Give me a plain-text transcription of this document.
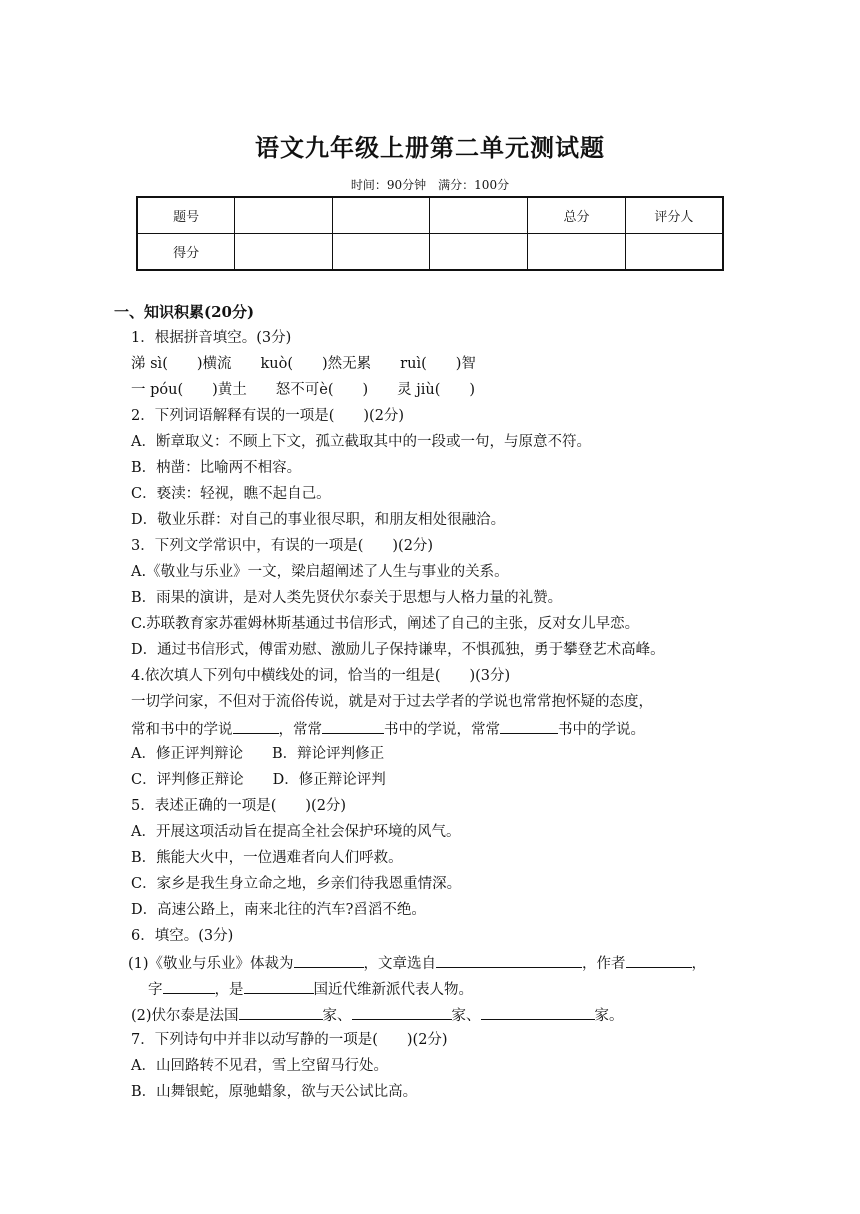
语文九年级上册第二单元测试题
时间：90分钟　满分：100分
题号				总分	评分人
得分					
一、知识积累(20分)
1．根据拼音填空。(3分)
涕 sì(　　)横流　　kuò(　　)然无累　　ruì(　　)智
一 póu(　　)黄土　　怒不可è(　　)　　灵 jiù(　　)
2．下列词语解释有误的一项是(　　)(2分)
A．断章取义：不顾上下文，孤立截取其中的一段或一句，与原意不符。
B．枘凿：比喻两不相容。
C．亵渎：轻视，瞧不起自己。
D．敬业乐群：对自己的事业很尽职，和朋友相处很融洽。
3．下列文学常识中，有误的一项是(　　)(2分)
A.《敬业与乐业》一文，梁启超阐述了人生与事业的关系。
B．雨果的演讲，是对人类先贤伏尔泰关于思想与人格力量的礼赞。
C.苏联教育家苏霍姆林斯基通过书信形式，阐述了自己的主张，反对女儿早恋。
D．通过书信形式，傅雷劝慰、激励儿子保持谦卑，不惧孤独，勇于攀登艺术高峰。
4.依次填人下列句中横线处的词，恰当的一组是(　　)(3分)
一切学问家，不但对于流俗传说，就是对于过去学者的学说也常常抱怀疑的态度，
常和书中的学说	，常常	书中的学说，常常	书中的学说。
A．修正评判辩论　　B．辩论评判修正
C．评判修正辩论　　D．修正辩论评判
5．表述正确的一项是(　　)(2分)
A．开展这项活动旨在提高全社会保护环境的风气。
B．熊能大火中，一位遇难者向人们呼救。
C．家乡是我生身立命之地，乡亲们待我恩重情深。
D．高速公路上，南来北往的汽车?舀滔不绝。
6．填空。(3分)
(1)《敬业与乐业》体裁为	，文章选自	，作者	，
字	，是	国近代维新派代表人物。
(2)伏尔泰是法国	家、	家、	家。
7．下列诗句中并非以动写静的一项是(　　)(2分)
A．山回路转不见君，雪上空留马行处。
B．山舞银蛇，原驰蜡象，欲与天公试比高。
